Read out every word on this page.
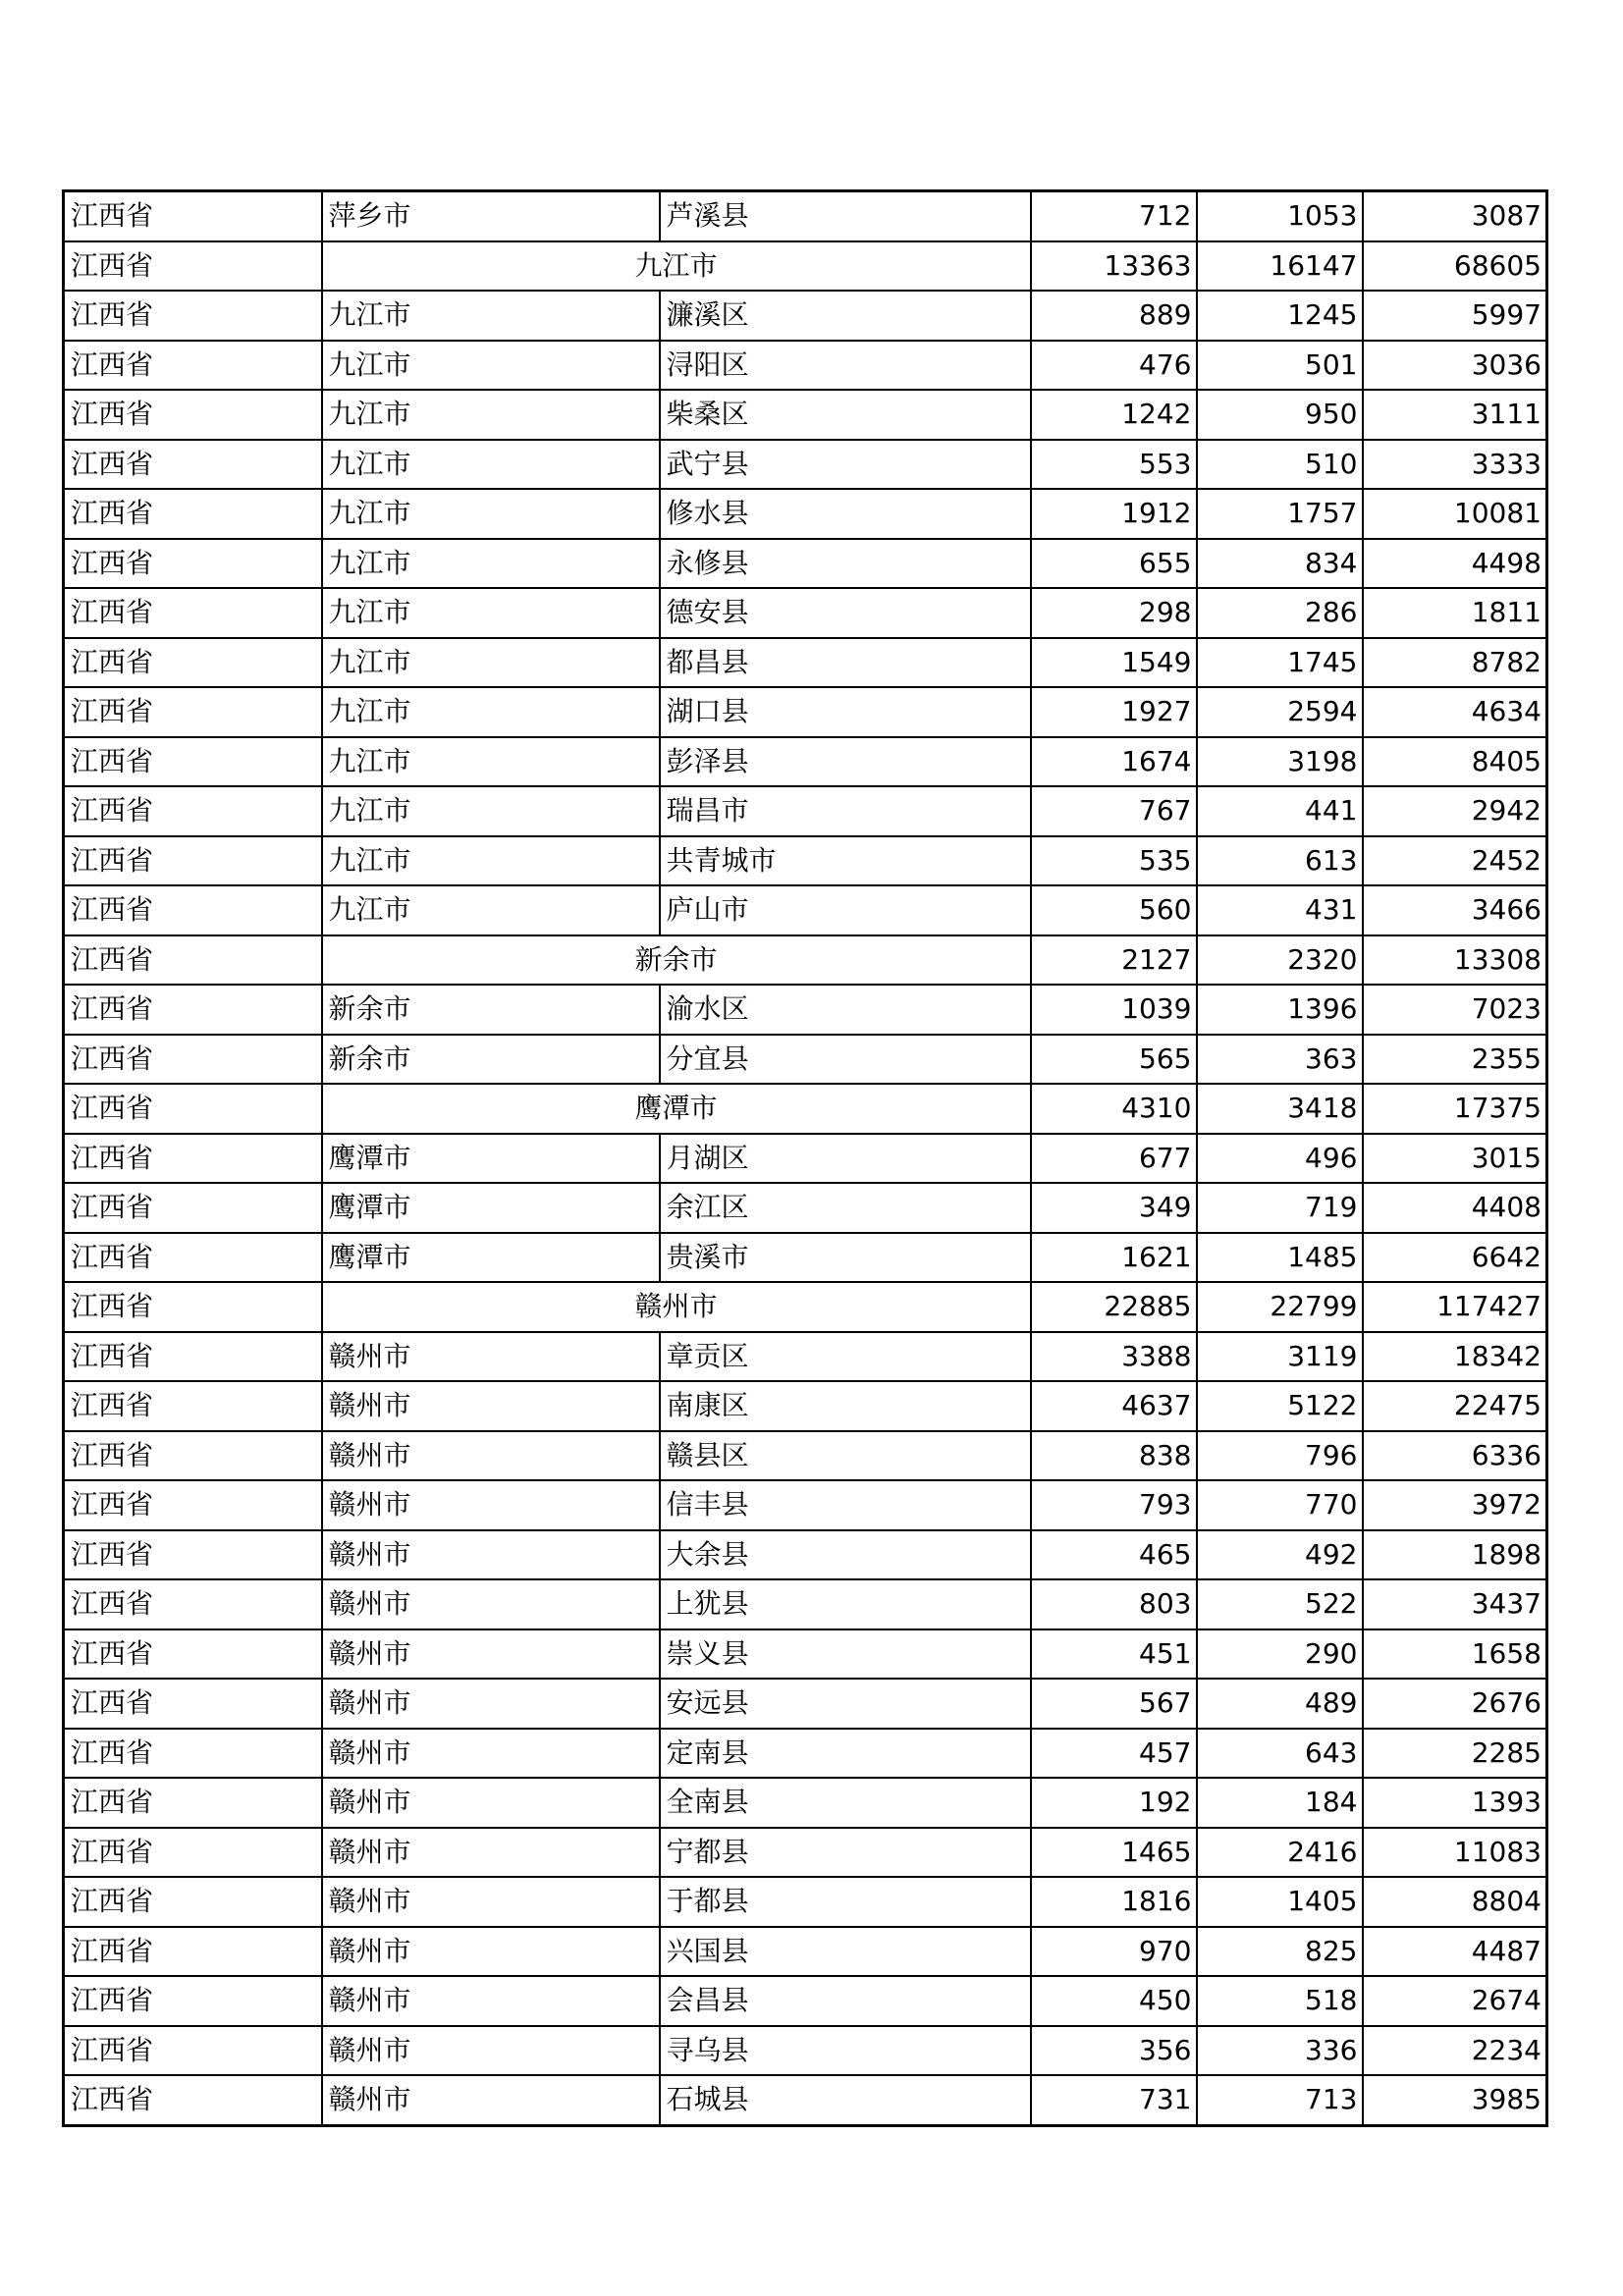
江西省	萍乡市	芦溪县	712	1053	3087
江西省	九江市		13363	16147	68605
江西省	九江市	濂溪区	889	1245	5997
江西省	九江市	浔阳区	476	501	3036
江西省	九江市	柴桑区	1242	950	3111
江西省	九江市	武宁县	553	510	3333
江西省	九江市	修水县	1912	1757	10081
江西省	九江市	永修县	655	834	4498
江西省	九江市	德安县	298	286	1811
江西省	九江市	都昌县	1549	1745	8782
江西省	九江市	湖口县	1927	2594	4634
江西省	九江市	彭泽县	1674	3198	8405
江西省	九江市	瑞昌市	767	441	2942
江西省	九江市	共青城市	535	613	2452
江西省	九江市	庐山市	560	431	3466
江西省	新余市		2127	2320	13308
江西省	新余市	渝水区	1039	1396	7023
江西省	新余市	分宜县	565	363	2355
江西省	鹰潭市		4310	3418	17375
江西省	鹰潭市	月湖区	677	496	3015
江西省	鹰潭市	余江区	349	719	4408
江西省	鹰潭市	贵溪市	1621	1485	6642
江西省	赣州市		22885	22799	117427
江西省	赣州市	章贡区	3388	3119	18342
江西省	赣州市	南康区	4637	5122	22475
江西省	赣州市	赣县区	838	796	6336
江西省	赣州市	信丰县	793	770	3972
江西省	赣州市	大余县	465	492	1898
江西省	赣州市	上犹县	803	522	3437
江西省	赣州市	崇义县	451	290	1658
江西省	赣州市	安远县	567	489	2676
江西省	赣州市	定南县	457	643	2285
江西省	赣州市	全南县	192	184	1393
江西省	赣州市	宁都县	1465	2416	11083
江西省	赣州市	于都县	1816	1405	8804
江西省	赣州市	兴国县	970	825	4487
江西省	赣州市	会昌县	450	518	2674
江西省	赣州市	寻乌县	356	336	2234
江西省	赣州市	石城县	731	713	3985
